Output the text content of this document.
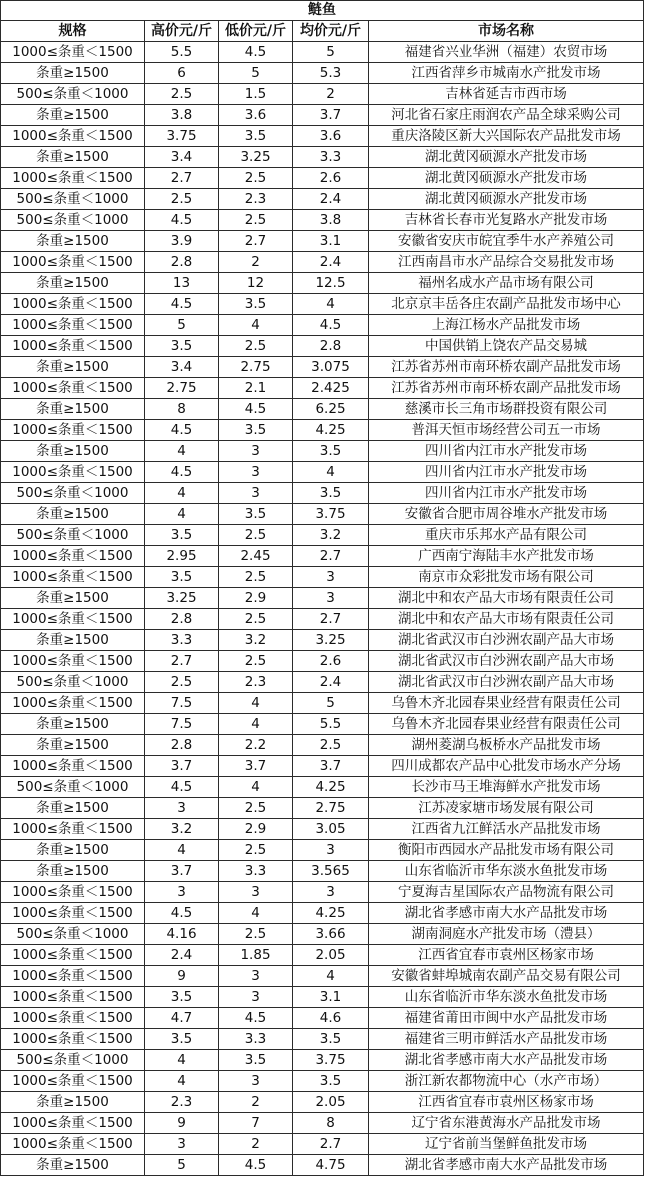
鲢鱼				
规格	高价元/斤	低价元/斤	均价元/斤	市场名称
1000≤条重＜1500	5.5	4.5	5	福建省兴业华洲（福建）农贸市场
条重≥1500	6	5	5.3	江西省萍乡市城南水产批发市场
500≤条重＜1000	2.5	1.5	2	吉林省延吉市西市场
条重≥1500	3.8	3.6	3.7	河北省石家庄雨润农产品全球采购公司
1000≤条重＜1500	3.75	3.5	3.6	重庆洛陵区新大兴国际农产品批发市场
条重≥1500	3.4	3.25	3.3	湖北黄冈硕源水产批发市场
1000≤条重＜1500	2.7	2.5	2.6	湖北黄冈硕源水产批发市场
500≤条重＜1000	2.5	2.3	2.4	湖北黄冈硕源水产批发市场
500≤条重＜1000	4.5	2.5	3.8	吉林省长春市光复路水产批发市场
条重≥1500	3.9	2.7	3.1	安徽省安庆市皖宜季牛水产养殖公司
1000≤条重＜1500	2.8	2	2.4	江西南昌市水产品综合交易批发市场
条重≥1500	13	12	12.5	福州名成水产品市场有限公司
1000≤条重＜1500	4.5	3.5	4	北京京丰岳各庄农副产品批发市场中心
1000≤条重＜1500	5	4	4.5	上海江杨水产品批发市场
1000≤条重＜1500	3.5	2.5	2.8	中国供销上饶农产品交易城
条重≥1500	3.4	2.75	3.075	江苏省苏州市南环桥农副产品批发市场
1000≤条重＜1500	2.75	2.1	2.425	江苏省苏州市南环桥农副产品批发市场
条重≥1500	8	4.5	6.25	慈溪市长三角市场群投资有限公司
1000≤条重＜1500	4.5	3.5	4.25	普洱天恒市场经营公司五一市场
条重≥1500	4	3	3.5	四川省内江市水产批发市场
1000≤条重＜1500	4.5	3	4	四川省内江市水产批发市场
500≤条重＜1000	4	3	3.5	四川省内江市水产批发市场
条重≥1500	4	3.5	3.75	安徽省合肥市周谷堆水产批发市场
500≤条重＜1000	3.5	2.5	3.2	重庆市乐邦水产品有限公司
1000≤条重＜1500	2.95	2.45	2.7	广西南宁海陆丰水产批发市场
1000≤条重＜1500	3.5	2.5	3	南京市众彩批发市场有限公司
条重≥1500	3.25	2.9	3	湖北中和农产品大市场有限责任公司
1000≤条重＜1500	2.8	2.5	2.7	湖北中和农产品大市场有限责任公司
条重≥1500	3.3	3.2	3.25	湖北省武汉市白沙洲农副产品大市场
1000≤条重＜1500	2.7	2.5	2.6	湖北省武汉市白沙洲农副产品大市场
500≤条重＜1000	2.5	2.3	2.4	湖北省武汉市白沙洲农副产品大市场
1000≤条重＜1500	7.5	4	5	乌鲁木齐北园春果业经营有限责任公司
条重≥1500	7.5	4	5.5	乌鲁木齐北园春果业经营有限责任公司
条重≥1500	2.8	2.2	2.5	湖州菱湖乌板桥水产品批发市场
1000≤条重＜1500	3.7	3.7	3.7	四川成都农产品中心批发市场水产分场
500≤条重＜1000	4.5	4	4.25	长沙市马王堆海鲜水产批发市场
条重≥1500	3	2.5	2.75	江苏凌家塘市场发展有限公司
1000≤条重＜1500	3.2	2.9	3.05	江西省九江鲜活水产品批发市场
条重≥1500	4	2.5	3	衡阳市西园水产品批发市场有限公司
条重≥1500	3.7	3.3	3.565	山东省临沂市华东淡水鱼批发市场
1000≤条重＜1500	3	3	3	宁夏海吉星国际农产品物流有限公司
1000≤条重＜1500	4.5	4	4.25	湖北省孝感市南大水产品批发市场
500≤条重＜1000	4.16	2.5	3.66	湖南洞庭水产批发市场（澧县）
1000≤条重＜1500	2.4	1.85	2.05	江西省宜春市袁州区杨家市场
1000≤条重＜1500	9	3	4	安徽省蚌埠城南农副产品交易有限公司
1000≤条重＜1500	3.5	3	3.1	山东省临沂市华东淡水鱼批发市场
1000≤条重＜1500	4.7	4.5	4.6	福建省莆田市闽中水产品批发市场
1000≤条重＜1500	3.5	3.3	3.5	福建省三明市鲜活水产品批发市场
500≤条重＜1000	4	3.5	3.75	湖北省孝感市南大水产品批发市场
1000≤条重＜1500	4	3	3.5	浙江新农都物流中心（水产市场）
条重≥1500	2.3	2	2.05	江西省宜春市袁州区杨家市场
1000≤条重＜1500	9	7	8	辽宁省东港黄海水产品批发市场
1000≤条重＜1500	3	2	2.7	辽宁省前当堡鲜鱼批发市场
条重≥1500	5	4.5	4.75	湖北省孝感市南大水产品批发市场
